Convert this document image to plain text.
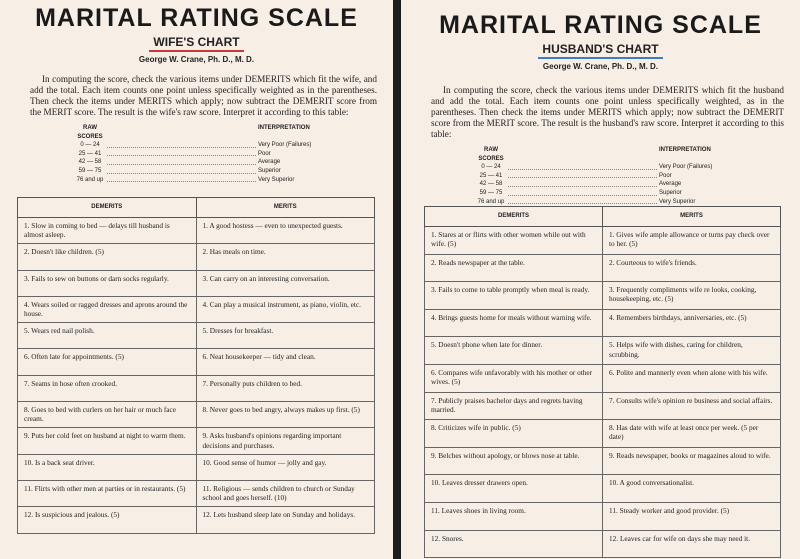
MARITAL RATING SCALE
WIFE'S CHART
George W. Crane, Ph. D., M. D.

In computing the score, check the various items under DEMERITS which fit the wife, and add the total. Each item counts one point unless specifically weighted as in the parentheses. Then check the items under MERITS which apply; now subtract the DEMERIT score from the MERIT score. The result is the wife's raw score. Interpret it according to this table:

RAW SCORES
INTERPRETATION
0 — 24	Very Poor (Failures)
25 — 41	Poor
42 — 58	Average
59 — 75	Superior
76 and up	Very Superior
DEMERITS	MERITS
1. Slow in coming to bed — delays till husband is almost asleep.	1. A good hostess — even to unexpected guests.
2. Doesn't like children. (5)	2. Has meals on time.
3. Fails to sew on buttons or darn socks regularly.	3. Can carry on an interesting conversation.
4. Wears soiled or ragged dresses and aprons around the house.	4. Can play a musical instrument, as piano, violin, etc.
5. Wears red nail polish.	5. Dresses for breakfast.
6. Often late for appointments. (5)	6. Neat housekeeper — tidy and clean.
7. Seams in hose often crooked.	7. Personally puts children to bed.
8. Goes to bed with curlers on her hair or much face cream.	8. Never goes to bed angry, always makes up first. (5)
9. Puts her cold feet on husband at night to warm them.	9. Asks husband's opinions regarding important decisions and purchases.
10. Is a back seat driver.	10. Good sense of humor — jolly and gay.
11. Flirts with other men at parties or in restaurants. (5)	11. Religious — sends children to church or Sunday school and goes herself. (10)
12. Is suspicious and jealous. (5)	12. Lets husband sleep late on Sunday and holidays.
MARITAL RATING SCALE
HUSBAND'S CHART
George W. Crane, Ph. D., M. D.

In computing the score, check the various items under DEMERITS which fit the husband and add the total. Each item counts one point unless specifically weighted, as in the parentheses. Then check the items under MERITS which apply; now subtract the DEMERIT score from the MERIT score. The result is the husband's raw score. Interpret it according to this table:

RAW SCORES
INTERPRETATION
0 — 24	Very Poor (Failures)
25 — 41	Poor
42 — 58	Average
59 — 75	Superior
76 and up	Very Superior
DEMERITS	MERITS
1. Stares at or flirts with other women while out with wife. (5)	1. Gives wife ample allowance or turns pay check over to her. (5)
2. Reads newspaper at the table.	2. Courteous to wife's friends.
3. Fails to come to table promptly when meal is ready.	3. Frequently compliments wife re looks, cooking, housekeeping, etc. (5)
4. Brings guests home for meals without warning wife.	4. Remembers birthdays, anniversaries, etc. (5)
5. Doesn't phone when late for dinner.	5. Helps wife with dishes, caring for children, scrubbing.
6. Compares wife unfavorably with his mother or other wives. (5)	6. Polite and mannerly even when alone with his wife.
7. Publicly praises bachelor days and regrets having married.	7. Consults wife's opinion re business and social affairs.
8. Criticizes wife in public. (5)	8. Has date with wife at least once per week. (5 per date)
9. Belches without apology, or blows nose at table.	9. Reads newspaper, books or magazines aloud to wife.
10. Leaves dresser drawers open.	10. A good conversationalist.
11. Leaves shoes in living room.	11. Steady worker and good provider. (5)
12. Snores.	12. Leaves car for wife on days she may need it.
